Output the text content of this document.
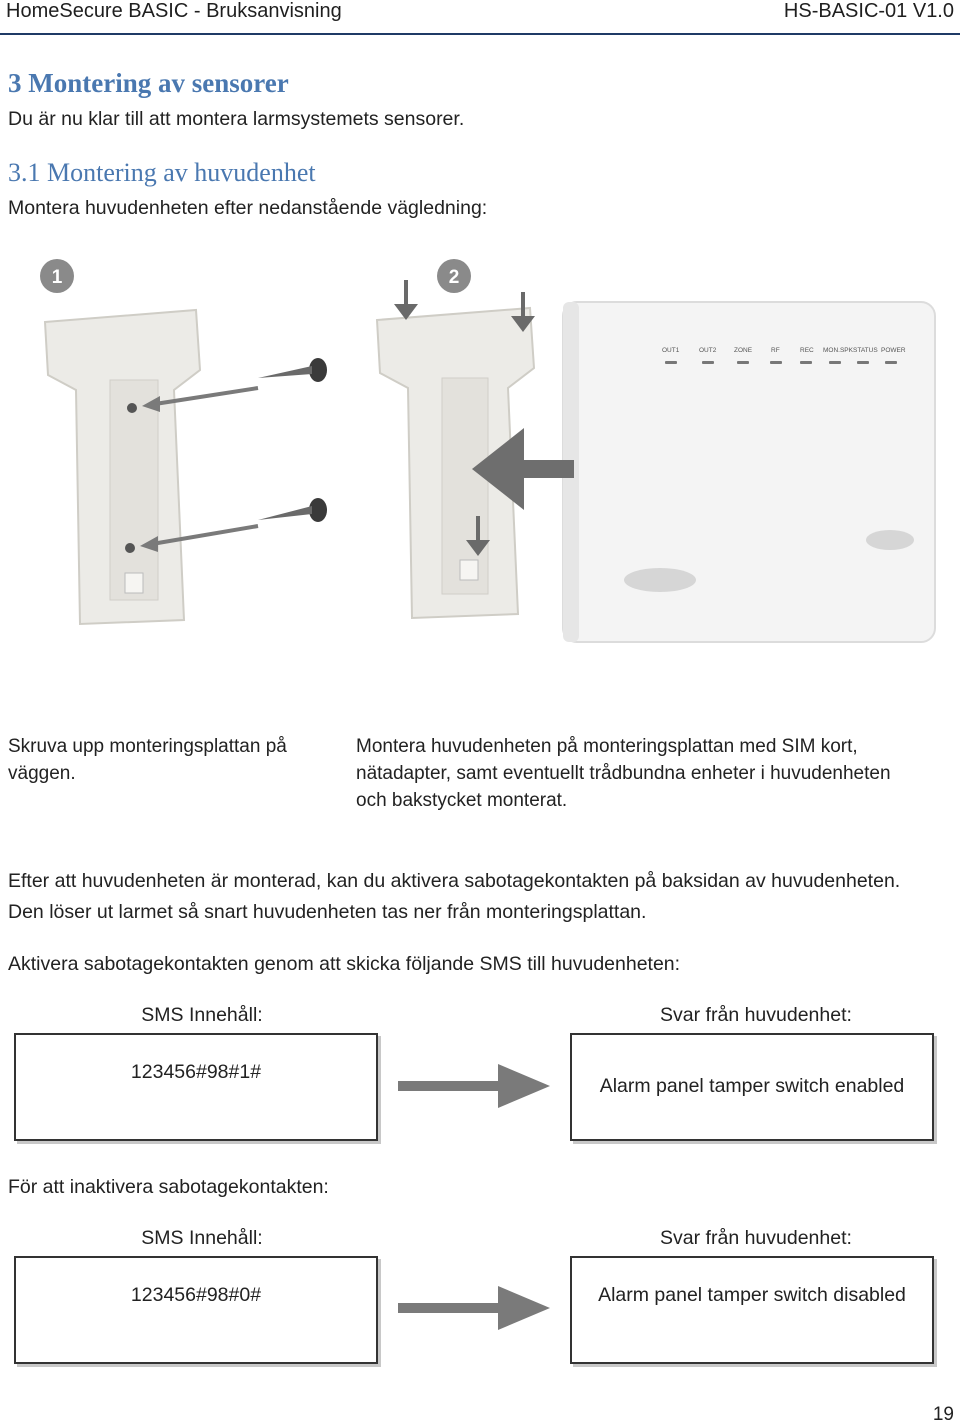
HomeSecure BASIC - Bruksanvisning	HS-BASIC-01 V1.0
3 Montering av sensorer
Du är nu klar till att montera larmsystemets sensorer.
3.1 Montering av huvudenhet
Montera huvudenheten efter nedanstående vägledning:
1	2
OUT1	OUT2	ZONE	RF	REC MON.SPK STATUS POWER
Skruva upp monteringsplattan på
väggen.
Montera huvudenheten på monteringsplattan med SIM kort,
nätadapter, samt eventuellt trådbundna enheter i huvudenheten
och bakstycket monterat.
Efter att huvudenheten är monterad, kan du aktivera sabotagekontakten på baksidan av huvudenheten.
Den löser ut larmet så snart huvudenheten tas ner från monteringsplattan.
Aktivera sabotagekontakten genom att skicka följande SMS till huvudenheten:
SMS Innehåll:	Svar från huvudenhet:
123456#98#1#
Alarm panel tamper switch enabled
För att inaktivera sabotagekontakten:
SMS Innehåll:	Svar från huvudenhet:
123456#98#0#	Alarm panel tamper switch disabled
19
